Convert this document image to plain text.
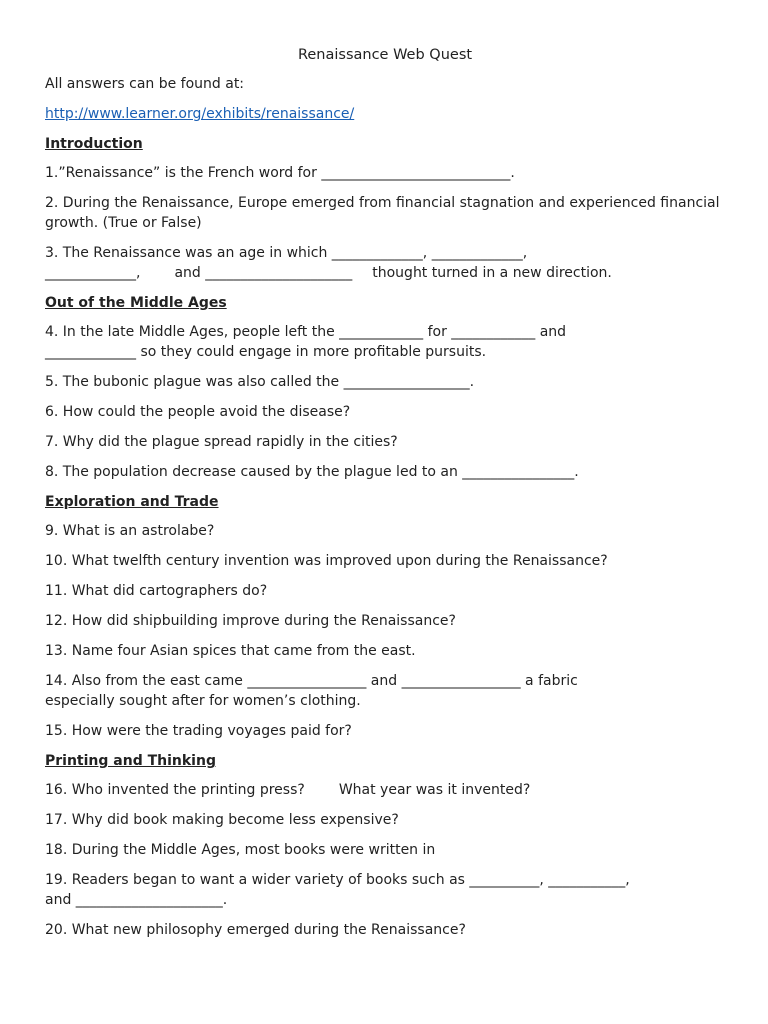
Renaissance Web Quest

All answers can be found at:

http://www.learner.org/exhibits/renaissance/

Introduction

1.”Renaissance” is the French word for ___________________________.

2. During the Renaissance, Europe emerged from financial stagnation and experienced financial growth. (True or False)

3. The Renaissance was an age in which _____________, _____________,
_____________, and _____________________ thought turned in a new direction.

Out of the Middle Ages

4. In the late Middle Ages, people left the ____________ for ____________ and
_____________ so they could engage in more profitable pursuits.

5. The bubonic plague was also called the __________________.

6. How could the people avoid the disease?

7. Why did the plague spread rapidly in the cities?

8. The population decrease caused by the plague led to an ________________.

Exploration and Trade

9. What is an astrolabe?

10. What twelfth century invention was improved upon during the Renaissance?

11. What did cartographers do?

12. How did shipbuilding improve during the Renaissance?

13. Name four Asian spices that came from the east.

14. Also from the east came _________________ and _________________ a fabric
especially sought after for women’s clothing.

15. How were the trading voyages paid for?

Printing and Thinking

16. Who invented the printing press? What year was it invented?

17. Why did book making become less expensive?

18. During the Middle Ages, most books were written in

19. Readers began to want a wider variety of books such as __________, ___________,
and _____________________.

20. What new philosophy emerged during the Renaissance?
